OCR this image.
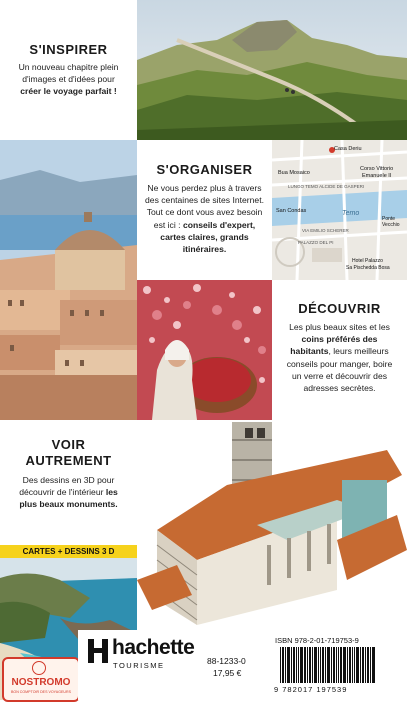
S'INSPIRER
Un nouveau chapitre plein d'images et d'idées pour créer le voyage parfait !
S'ORGANISER
Ne vous perdez plus à travers des centaines de sites Internet. Tout ce dont vous avez besoin est ici : conseils d'expert, cartes claires, grands itinéraires.
Casa Deriu
Corso Vittorio
Emanuele II
Bua Mosaico
LUNGO TEMO ALCIDE DE GASPERI
San Condas	Temo
Ponte Vecchio
VIA EMILIO SCHERER
PALAZZO DEL PI
Hotel Palazzo
Sa Pischedda Bosa
DÉCOUVRIR
Les plus beaux sites et les coins préférés des habitants, leurs meilleurs conseils pour manger, boire un verre et découvrir des adresses secrètes.
VOIR
AUTREMENT
Des dessins en 3D pour découvrir de l'intérieur les plus beaux monuments.
CARTES + DESSINS 3 D
NOSTROMO
BON COMPTOIR DES VOYAGEURS
hachette
TOURISME	88-1233-0
17,95 €
ISBN 978-2-01-719753-9
9 782017 197539
